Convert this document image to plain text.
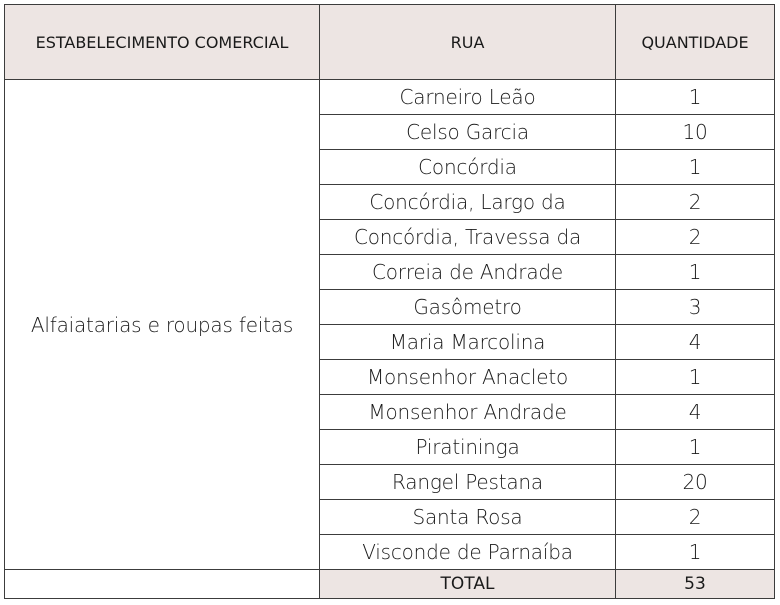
ESTABELECIMENTO COMERCIAL	RUA	QUANTIDADE
Alfaiatarias e roupas feitas	Carneiro Leão	1
	Celso Garcia	10
	Concórdia	1
	Concórdia, Largo da	2
	Concórdia, Travessa da	2
	Correia de Andrade	1
	Gasômetro	3
	Maria Marcolina	4
	Monsenhor Anacleto	1
	Monsenhor Andrade	4
	Piratininga	1
	Rangel Pestana	20
	Santa Rosa	2
	Visconde de Parnaíba	1
	TOTAL	53
